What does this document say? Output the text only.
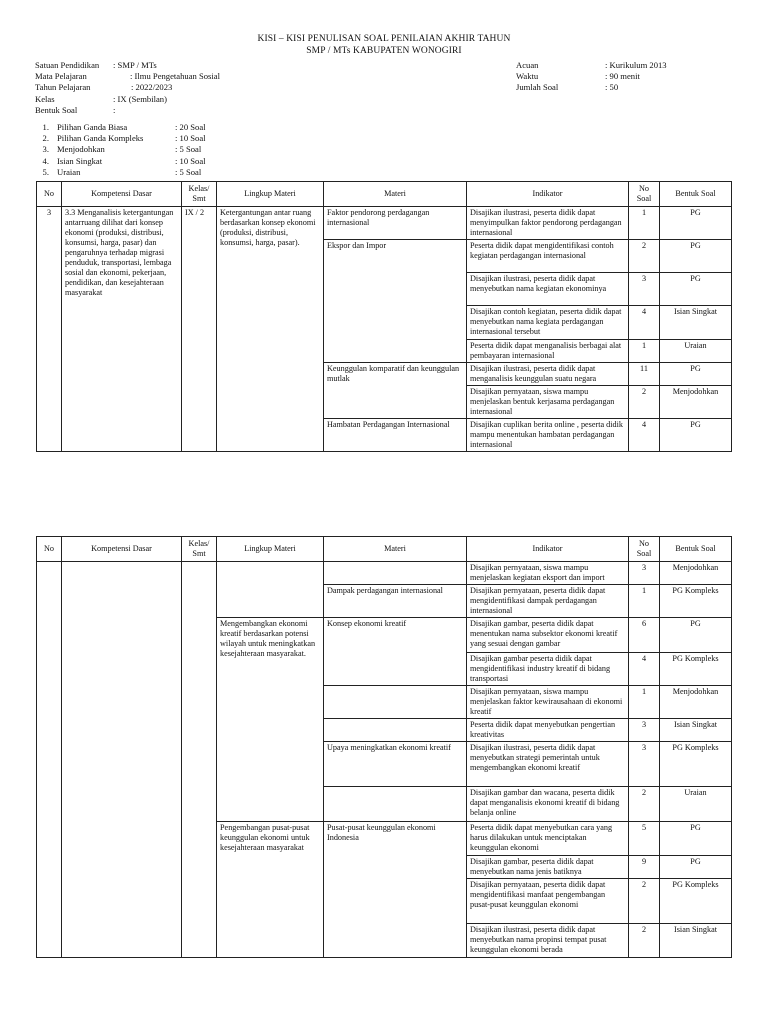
KISI – KISI PENULISAN SOAL PENILAIAN AKHIR TAHUN
SMP / MTs KABUPATEN WONOGIRI
Satuan Pendidikan	: SMP / MTs
Mata Pelajaran	: Ilmu Pengetahuan Sosial
Tahun Pelajaran	: 2022/2023
Kelas	: IX (Sembilan)
Bentuk Soal	:
Acuan	: Kurikulum 2013
Waktu	: 90 menit
Jumlah Soal	: 50
1. Pilihan Ganda Biasa	: 20 Soal
2. Pilihan Ganda Kompleks	: 10 Soal
3. Menjodohkan	: 5 Soal
4. Isian Singkat	: 10 Soal
5. Uraian	: 5 Soal
No	Kompetensi Dasar	Kelas/ Smt	Lingkup Materi	Materi	Indikator	No Soal	Bentuk Soal
3	3.3 Menganalisis ketergantungan antarruang dilihat dari konsep ekonomi (produksi, distribusi, konsumsi, harga, pasar) dan pengaruhnya terhadap migrasi penduduk, transportasi, lembaga sosial dan ekonomi, pekerjaan, pendidikan, dan kesejahteraan masyarakat	IX / 2	Ketergantungan antar ruang berdasarkan konsep ekonomi (produksi, distribusi, konsumsi, harga, pasar).	Faktor pendorong perdagangan internasional	Disajikan ilustrasi, peserta didik dapat menyimpulkan faktor pendorong perdagangan internasional	1	PG
				Ekspor dan Impor	Peserta didik dapat mengidentifikasi contoh kegiatan perdagangan internasional	2	PG
					Disajikan ilustrasi, peserta didik dapat menyebutkan nama kegiatan ekonominya	3	PG
					Disajikan contoh kegiatan, peserta didik dapat menyebutkan nama kegiata perdagangan internasional tersebut	4	Isian Singkat
					Peserta didik dapat menganalisis berbagai alat pembayaran internasional	1	Uraian
				Keunggulan komparatif dan keunggulan mutlak	Disajikan ilustrasi, peserta didik dapat menganalisis keunggulan suatu negara	11	PG
					Disajikan pernyataan, siswa mampu menjelaskan bentuk kerjasama perdagangan internasional	2	Menjodohkan
				Hambatan Perdagangan Internasional	Disajikan cuplikan berita online , peserta didik mampu menentukan hambatan perdagangan internasional	4	PG
No	Kompetensi Dasar	Kelas/ Smt	Lingkup Materi	Materi	Indikator	No Soal	Bentuk Soal
					Disajikan pernyataan, siswa mampu menjelaskan kegiatan eksport dan import	3	Menjodohkan
				Dampak perdagangan internasional	Disajikan pernyataan, peserta didik dapat mengidentifikasi dampak perdagangan internasional	1	PG Kompleks
			Mengembangkan ekonomi kreatif berdasarkan potensi wilayah untuk meningkatkan kesejahteraan masyarakat.	Konsep ekonomi kreatif	Disajikan gambar, peserta didik dapat menentukan nama subsektor ekonomi kreatif yang sesuai dengan gambar	6	PG
					Disajikan gambar peserta didik dapat mengidentifikasi industry kreatif di bidang transportasi	4	PG Kompleks
					Disajikan pernyataan, siswa mampu menjelaskan faktor kewirausahaan di ekonomi kreatif	1	Menjodohkan
					Peserta didik dapat menyebutkan pengertian kreativitas	3	Isian Singkat
				Upaya meningkatkan ekonomi kreatif	Disajikan ilustrasi, peserta didik dapat menyebutkan strategi pemerintah untuk mengembangkan ekonomi kreatif	3	PG Kompleks
					Disajikan gambar dan wacana, peserta didik dapat menganalisis ekonomi kreatif di bidang belanja online	2	Uraian
			Pengembangan pusat-pusat keunggulan ekonomi untuk kesejahteraan masyarakat	Pusat-pusat keunggulan ekonomi Indonesia	Peserta didik dapat menyebutkan cara yang harus dilakukan untuk menciptakan keunggulan ekonomi	5	PG
					Disajikan gambar, peserta didik dapat menyebutkan nama jenis batiknya	9	PG
					Disajikan pernyataan, peserta didik dapat mengidentifikasi manfaat pengembangan pusat-pusat keunggulan ekonomi	2	PG Kompleks
					Disajikan ilustrasi, peserta didik dapat menyebutkan nama propinsi tempat pusat keunggulan ekonomi berada	2	Isian Singkat
